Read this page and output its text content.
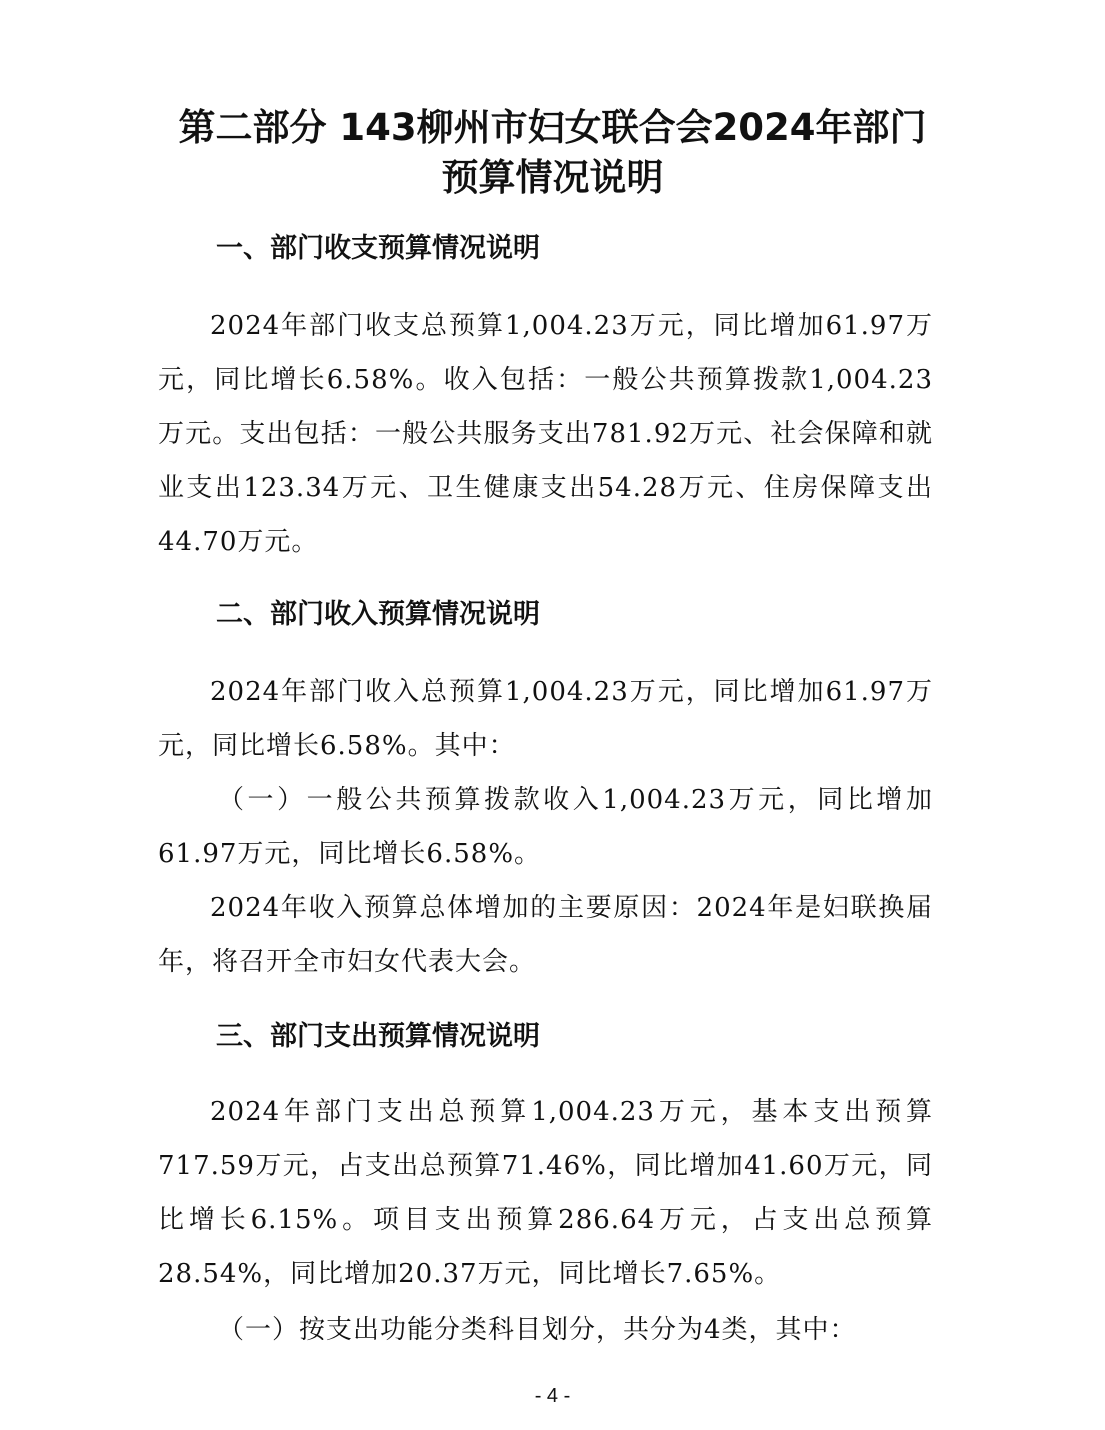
第二部分 143柳州市妇女联合会2024年部门
预算情况说明
一、部门收支预算情况说明

2024年部门收支总预算1,004.23万元，同比增加61.97万元，同比增长6.58%。收入包括：一般公共预算拨款1,004.23万元。支出包括：一般公共服务支出781.92万元、社会保障和就业支出123.34万元、卫生健康支出54.28万元、住房保障支出44.70万元。

二、部门收入预算情况说明

2024年部门收入总预算1,004.23万元，同比增加61.97万元，同比增长6.58%。其中：

（一）一般公共预算拨款收入1,004.23万元，同比增加61.97万元，同比增长6.58%。

2024年收入预算总体增加的主要原因：2024年是妇联换届年，将召开全市妇女代表大会。

三、部门支出预算情况说明

2024年部门支出总预算1,004.23万元，基本支出预算717.59万元，占支出总预算71.46%，同比增加41.60万元，同比增长6.15%。项目支出预算286.64万元，占支出总预算28.54%，同比增加20.37万元，同比增长7.65%。

（一）按支出功能分类科目划分，共分为4类，其中：

- 4 -
